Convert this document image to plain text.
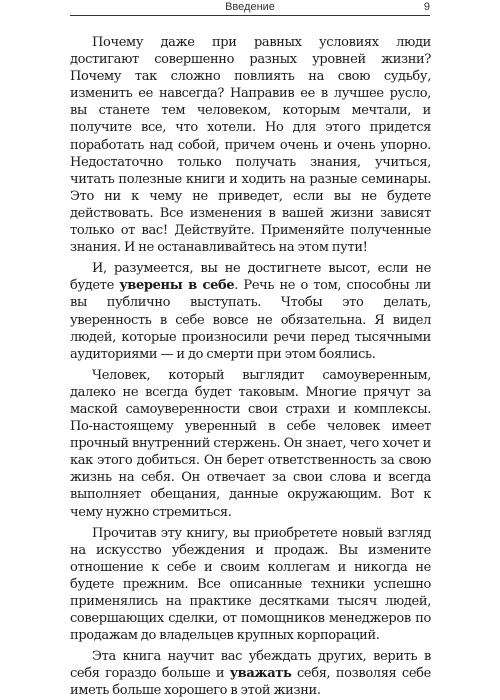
Введение	9

Почему даже при равных условиях люди достигают совершенно разных уровней жизни? Почему так сложно повлиять на свою судьбу, изменить ее навсегда? Направив ее в лучшее русло, вы станете тем человеком, которым мечтали, и получите все, что хотели. Но для этого придется поработать над собой, причем очень и очень упорно. Недостаточно только получать знания, учиться, читать полезные книги и ходить на разные семинары. Это ни к чему не приведет, если вы не будете действовать. Все изменения в вашей жизни зависят только от вас! Действуйте. Применяйте полученные знания. И не останавливайтесь на этом пути!

И, разумеется, вы не достигнете высот, если не будете уверены в себе. Речь не о том, способны ли вы публично выступать. Чтобы это делать, уверенность в себе вовсе не обязательна. Я видел людей, которые произносили речи перед тысячными аудиториями — и до смерти при этом боялись.

Человек, который выглядит самоуверенным, далеко не всегда будет таковым. Многие прячут за маской самоуверенности свои страхи и комплексы. По-настоящему уверенный в себе человек имеет прочный внутренний стержень. Он знает, чего хочет и как этого добиться. Он берет ответственность за свою жизнь на себя. Он отвечает за свои слова и всегда выполняет обещания, данные окружающим. Вот к чему нужно стремиться.

Прочитав эту книгу, вы приобретете новый взгляд на искусство убеждения и продаж. Вы измените отношение к себе и своим коллегам и никогда не будете прежним. Все описанные техники успешно применялись на практике десятками тысяч людей, совершающих сделки, от помощников менеджеров по продажам до владельцев крупных корпораций.

Эта книга научит вас убеждать других, верить в себя гораздо больше и уважать себя, позволяя себе иметь больше хорошего в этой жизни.
